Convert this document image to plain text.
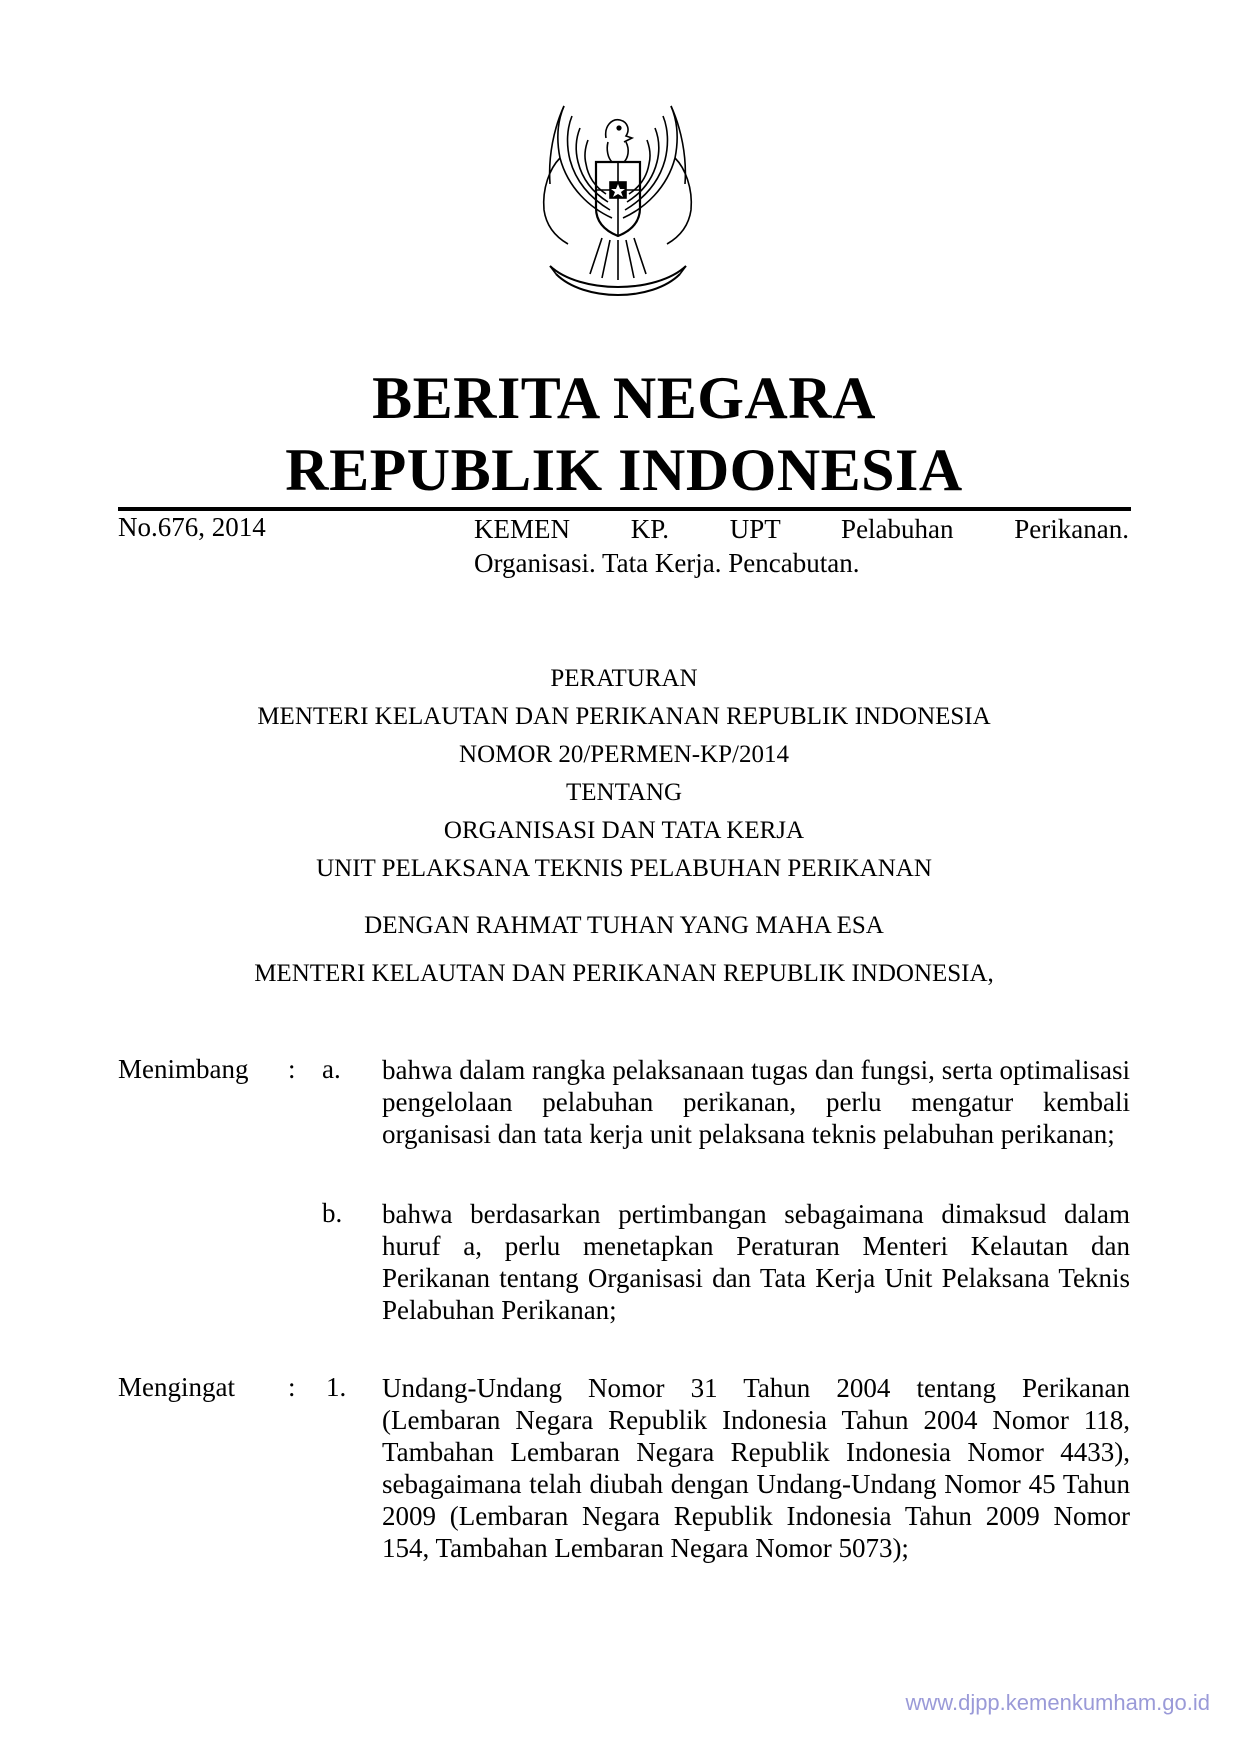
BERITA NEGARA
REPUBLIK INDONESIA
No.676, 2014	KEMEN KP. UPT Pelabuhan Perikanan.
Organisasi. Tata Kerja. Pencabutan.
PERATURAN
MENTERI KELAUTAN DAN PERIKANAN REPUBLIK INDONESIA
NOMOR 20/PERMEN-KP/2014
TENTANG
ORGANISASI DAN TATA KERJA
UNIT PELAKSANA TEKNIS PELABUHAN PERIKANAN
DENGAN RAHMAT TUHAN YANG MAHA ESA
MENTERI KELAUTAN DAN PERIKANAN REPUBLIK INDONESIA,
Menimbang : a. bahwa dalam rangka pelaksanaan tugas dan fungsi, serta optimalisasi pengelolaan pelabuhan perikanan, perlu mengatur kembali organisasi dan tata kerja unit pelaksana teknis pelabuhan perikanan;

b. bahwa berdasarkan pertimbangan sebagaimana dimaksud dalam huruf a, perlu menetapkan Peraturan Menteri Kelautan dan Perikanan tentang Organisasi dan Tata Kerja Unit Pelaksana Teknis Pelabuhan Perikanan;

Mengingat : 1. Undang-Undang Nomor 31 Tahun 2004 tentang Perikanan (Lembaran Negara Republik Indonesia Tahun 2004 Nomor 118, Tambahan Lembaran Negara Republik Indonesia Nomor 4433), sebagaimana telah diubah dengan Undang-Undang Nomor 45 Tahun 2009 (Lembaran Negara Republik Indonesia Tahun 2009 Nomor 154, Tambahan Lembaran Negara Nomor 5073);

www.djpp.kemenkumham.go.id
